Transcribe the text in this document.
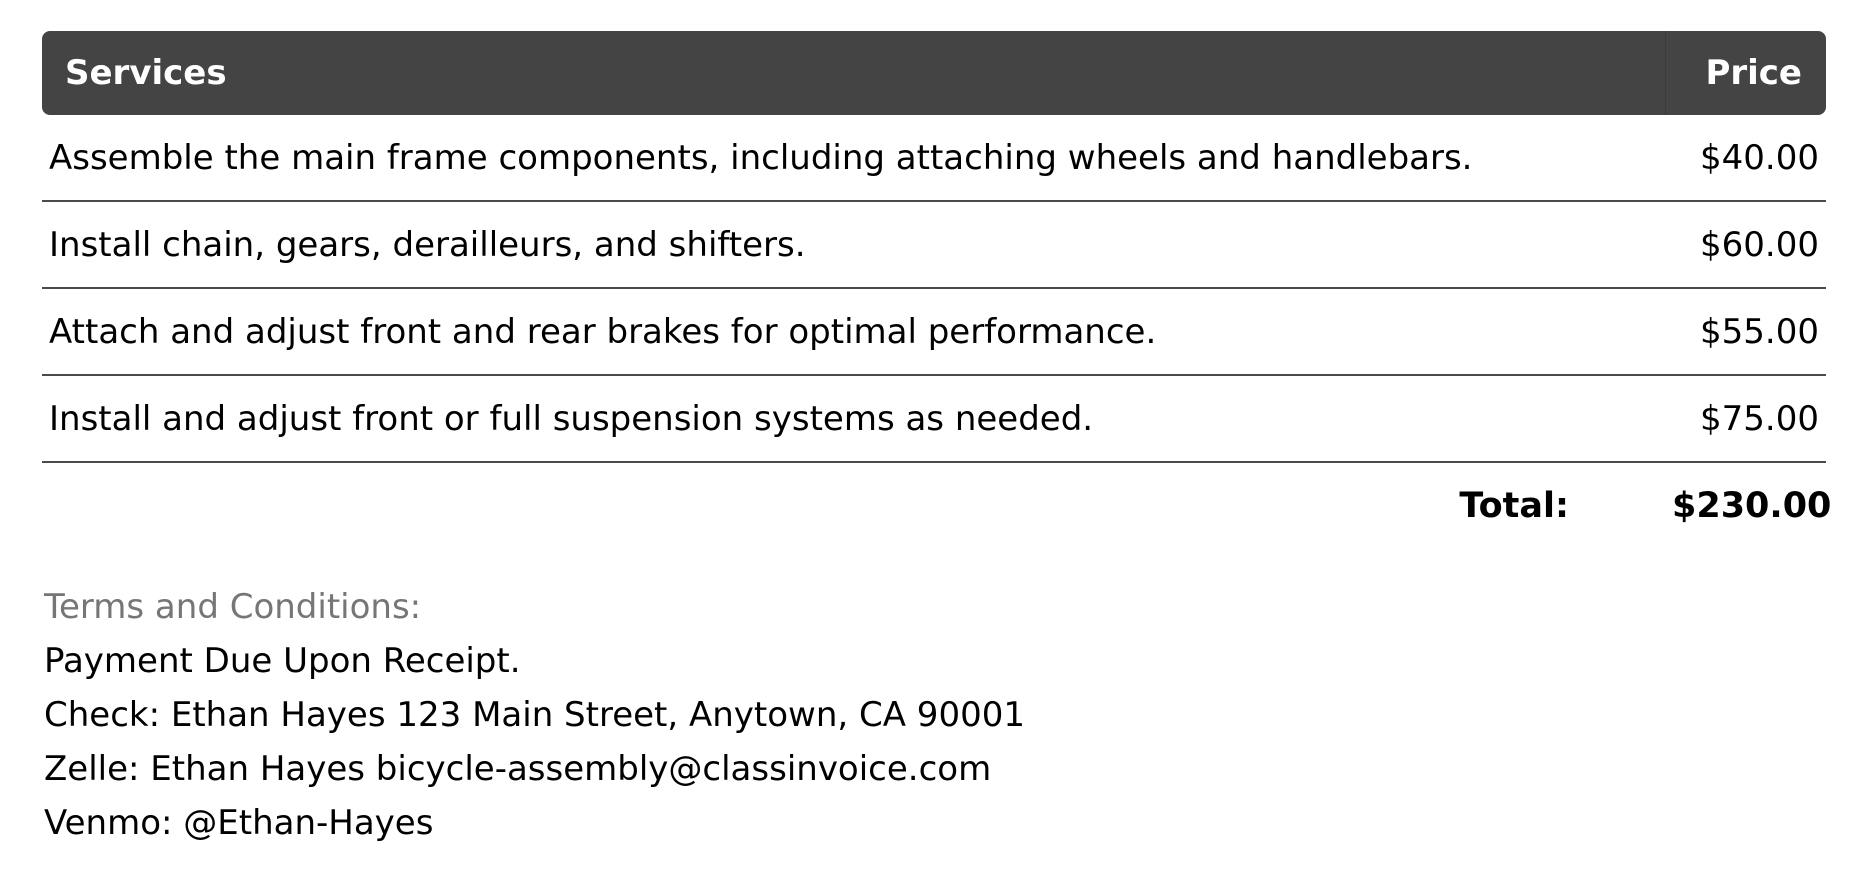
Services	Price
Assemble the main frame components, including attaching wheels and handlebars.	$40.00
Install chain, gears, derailleurs, and shifters.	$60.00
Attach and adjust front and rear brakes for optimal performance.	$55.00
Install and adjust front or full suspension systems as needed.	$75.00
Total:	$230.00
Terms and Conditions:
Payment Due Upon Receipt.
Check: Ethan Hayes 123 Main Street, Anytown, CA 90001
Zelle: Ethan Hayes bicycle-assembly@classinvoice.com
Venmo: @Ethan-Hayes
